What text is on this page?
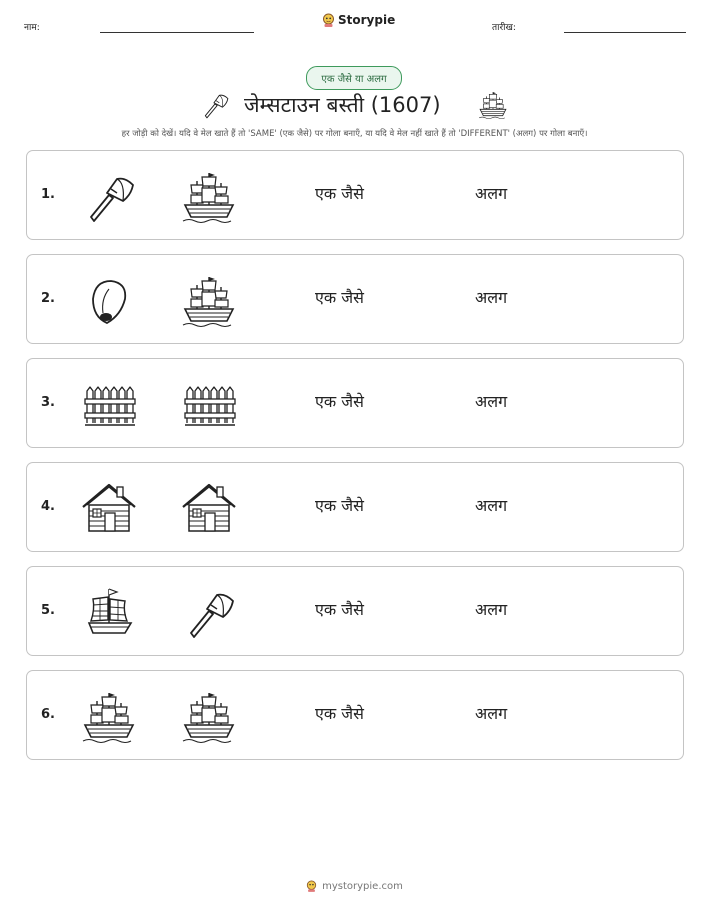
नाम:
Storypie
तारीख:
एक जैसे या अलग
जेम्सटाउन बस्ती (1607)
हर जोड़ी को देखें। यदि वे मेल खाते हैं तो 'SAME' (एक जैसे) पर गोला बनाएँ, या यदि वे मेल नहीं खाते हैं तो 'DIFFERENT' (अलग) पर गोला बनाएँ।
1.	एक जैसे	अलग
2.	एक जैसे	अलग
3.	एक जैसे	अलग
4.	एक जैसे	अलग
5.	एक जैसे	अलग
6.	एक जैसे	अलग
mystorypie.com
